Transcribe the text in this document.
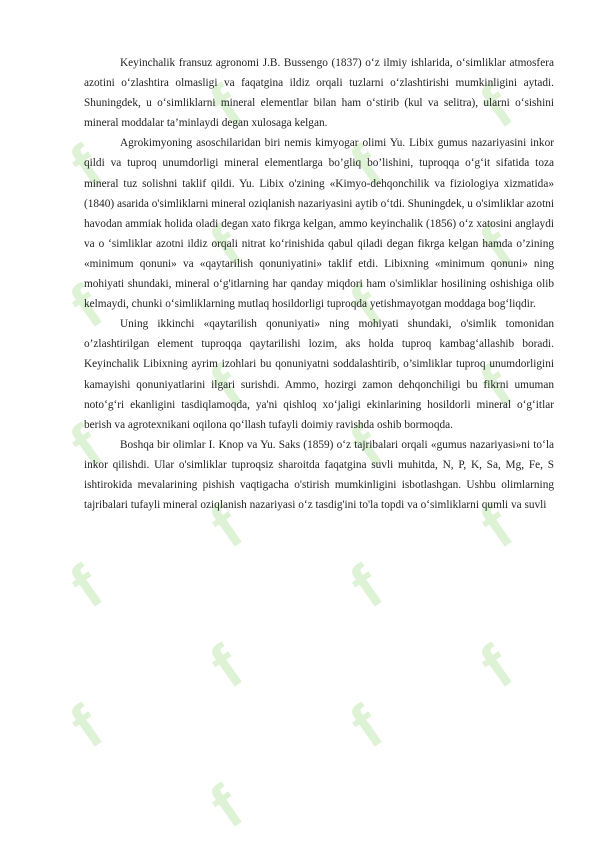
f
f
f
f
f
f
f
f
f
f
f
f
f
f
f
f
f
f
f
f
f

Keyinchalik fransuz agronomi J.B. Bussengo (1837) o‘z ilmiy ishlarida, o‘simliklar atmosfera azotini o‘zlashtira olmasligi va faqatgina ildiz orqali tuzlarni o‘zlashtirishi mumkinligini aytadi. Shuningdek, u o‘simliklarni mineral elementlar bilan ham o‘stirib (kul va selitra), ularni o‘sishini mineral moddalar ta’minlaydi degan xulosaga kelgan.

Agrokimyoning asoschilaridan biri nemis kimyogar olimi Yu. Libix gumus nazariyasini inkor qildi va tuproq unumdorligi mineral elementlarga bo’gliq bo’lishini, tuproqqa o‘g‘it sifatida toza mineral tuz solishni taklif qildi. Yu. Libix o'zining «Kimyo-dehqonchilik va fiziologiya xizmatida» (1840) asarida o'simliklarni mineral oziqlanish nazariyasini aytib o‘tdi. Shuningdek, u o'simliklar azotni havodan ammiak holida oladi degan xato fikrga kelgan, ammo keyinchalik (1856) o‘z xatosini anglaydi va o ‘simliklar azotni ildiz orqali nitrat ko‘rinishida qabul qiladi degan fikrga kelgan hamda o’zining «minimum qonuni» va «qaytarilish qonuniyatini» taklif etdi. Libixning «minimum qonuni» ning mohiyati shundaki, mineral o‘g'itlarning har qanday miqdori ham o'simliklar hosilining oshishiga olib kelmaydi, chunki o‘simliklarning mutlaq hosildorligi tuproqda yetishmayotgan moddaga bog‘liqdir.

Uning ikkinchi «qaytarilish qonuniyati» ning mohiyati shundaki, o'simlik tomonidan o’zlashtirilgan element tuproqqa qaytarilishi lozim, aks holda tuproq kambag‘allashib boradi. Keyinchalik Libixning ayrim izohlari bu qonuniyatni soddalashtirib, o’simliklar tuproq unumdorligini kamayishi qonuniyatlarini ilgari surishdi. Ammo, hozirgi zamon dehqonchiligi bu fikrni umuman noto‘g‘ri ekanligini tasdiqlamoqda, ya'ni qishloq xo‘jaligi ekinlarining hosildorli mineral o‘g‘itlar berish va agrotexnikani oqilona qo‘llash tufayli doimiy ravishda oshib bormoqda.

Boshqa bir olimlar I. Knop va Yu. Saks (1859) o‘z tajribalari orqali «gumus nazariyasi»ni to‘la inkor qilishdi. Ular o'simliklar tuproqsiz sharoitda faqatgina suvli muhitda, N, P, K, Sa, Mg, Fe, S ishtirokida mevalarining pishish vaqtigacha o'stirish mumkinligini isbotlashgan. Ushbu olimlarning tajribalari tufayli mineral oziqlanish nazariyasi o‘z tasdig'ini to'la topdi va o‘simliklarni qumli va suvli
